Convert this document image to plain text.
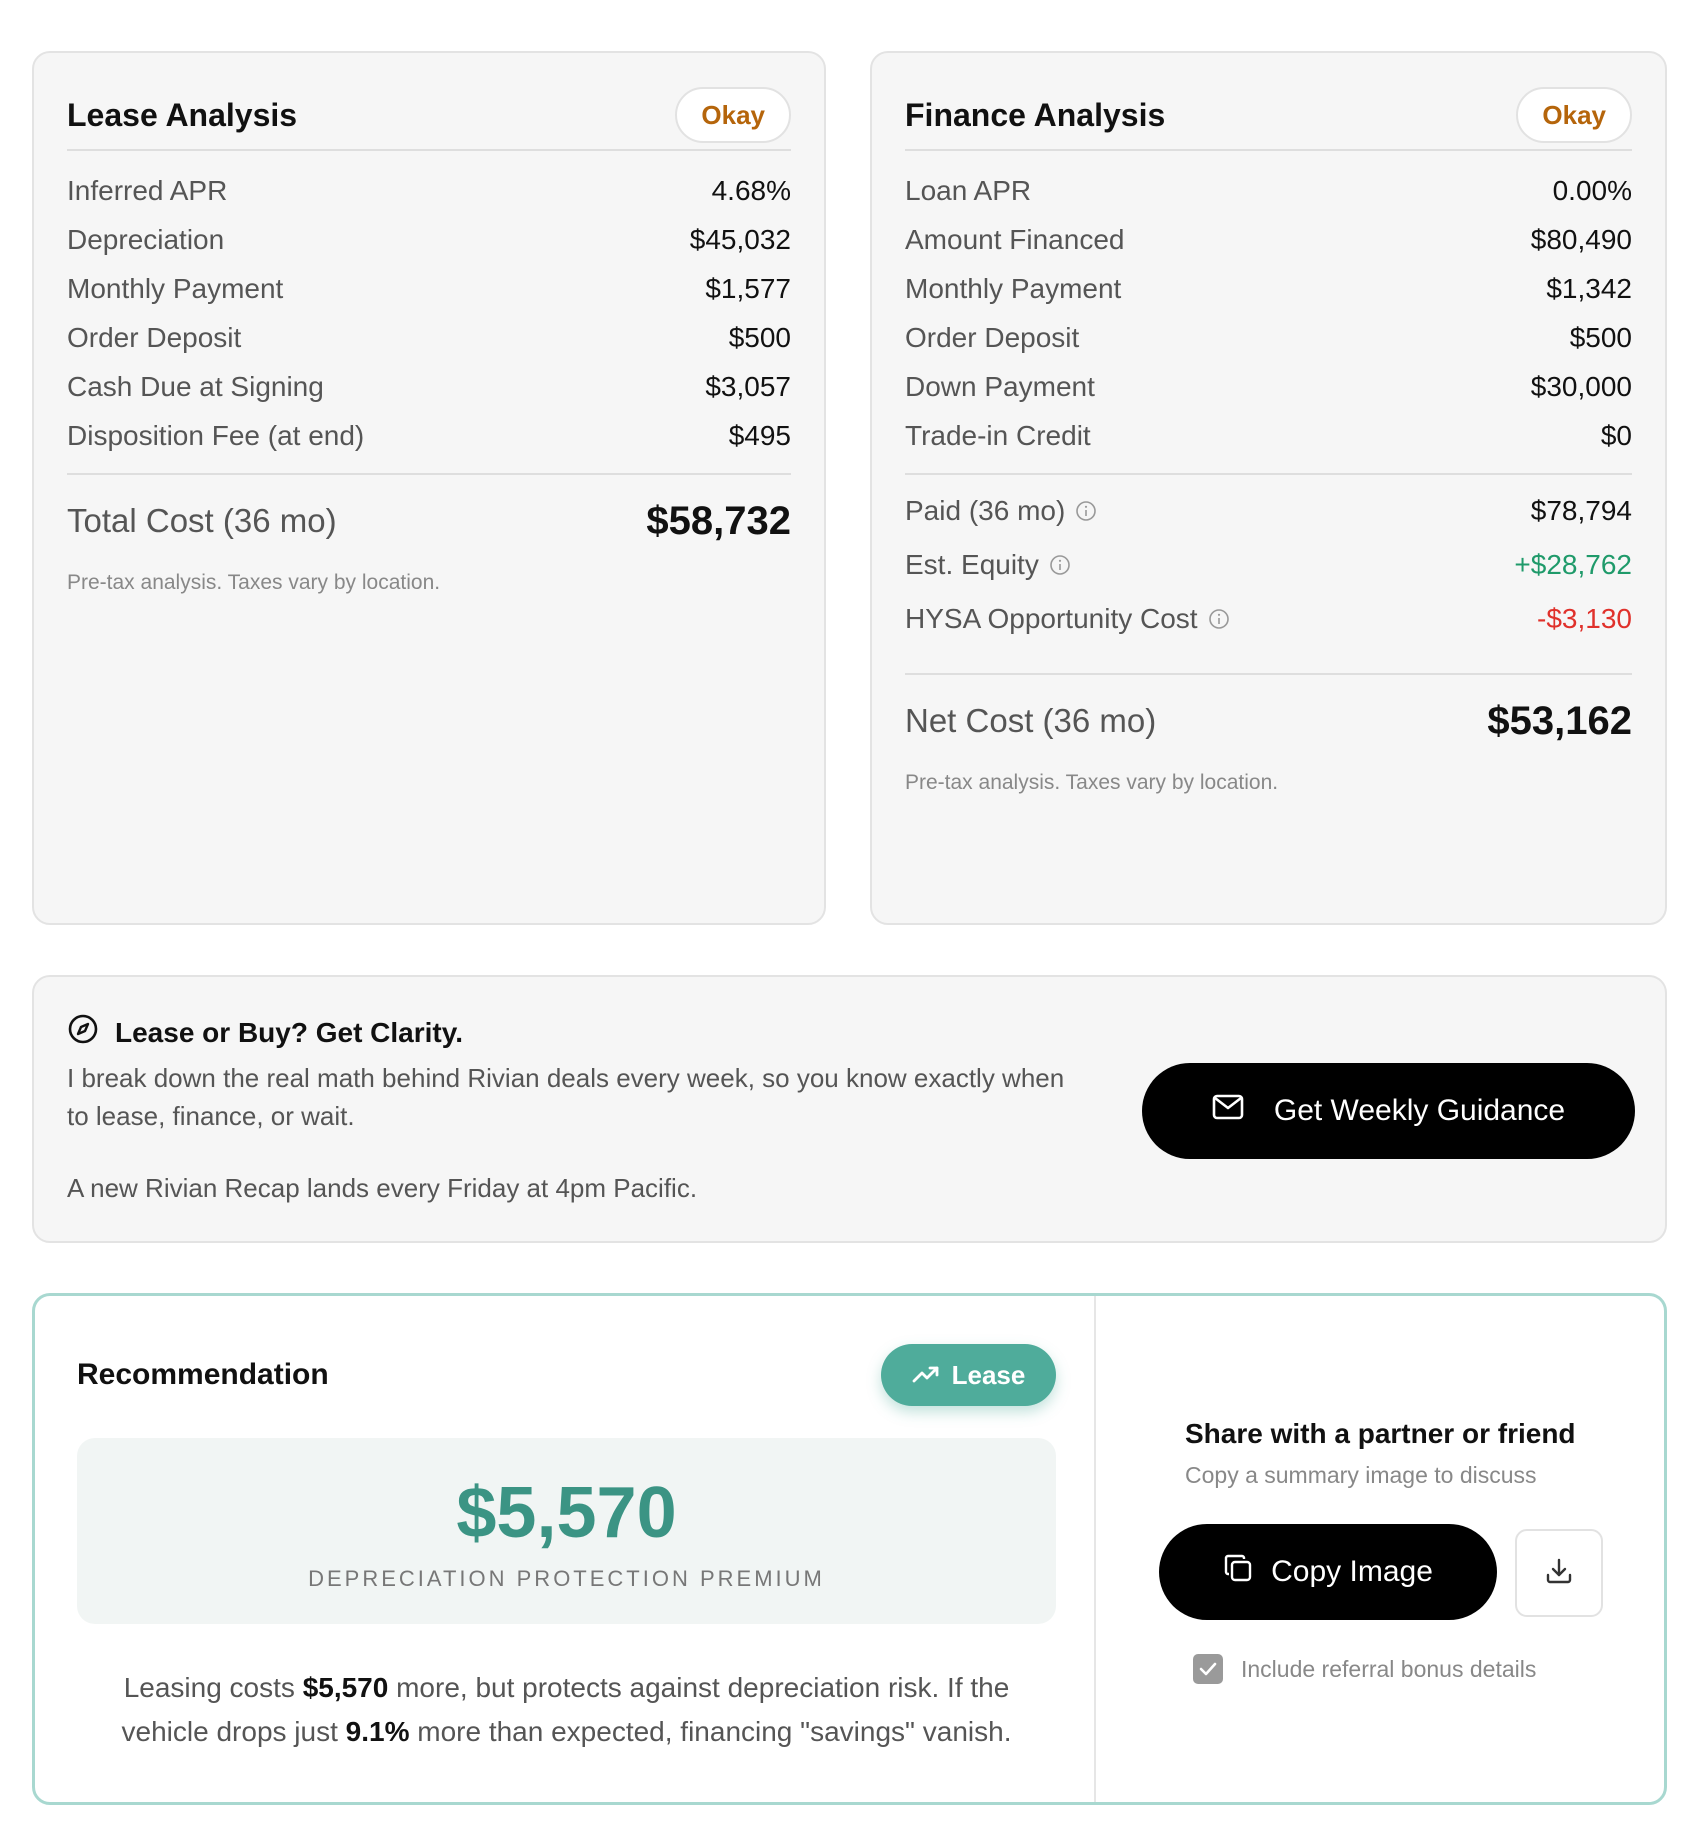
Lease Analysis	Okay
Inferred APR	4.68%
Depreciation	$45,032
Monthly Payment	$1,577
Order Deposit	$500
Cash Due at Signing	$3,057
Disposition Fee (at end)	$495
Total Cost (36 mo)	$58,732
Pre-tax analysis. Taxes vary by location.
Finance Analysis	Okay
Loan APR	0.00%
Amount Financed	$80,490
Monthly Payment	$1,342
Order Deposit	$500
Down Payment	$30,000
Trade-in Credit	$0
Paid (36 mo)	$78,794
Est. Equity	+$28,762
HYSA Opportunity Cost	-$3,130
Net Cost (36 mo)	$53,162
Pre-tax analysis. Taxes vary by location.
Lease or Buy? Get Clarity.
I break down the real math behind Rivian deals every week, so you know exactly when to lease, finance, or wait.
A new Rivian Recap lands every Friday at 4pm Pacific.
Get Weekly Guidance
Recommendation	Lease
$5,570
DEPRECIATION PROTECTION PREMIUM
Leasing costs $5,570 more, but protects against depreciation risk. If the vehicle drops just 9.1% more than expected, financing "savings" vanish.
Share with a partner or friend
Copy a summary image to discuss
Copy Image
Include referral bonus details
